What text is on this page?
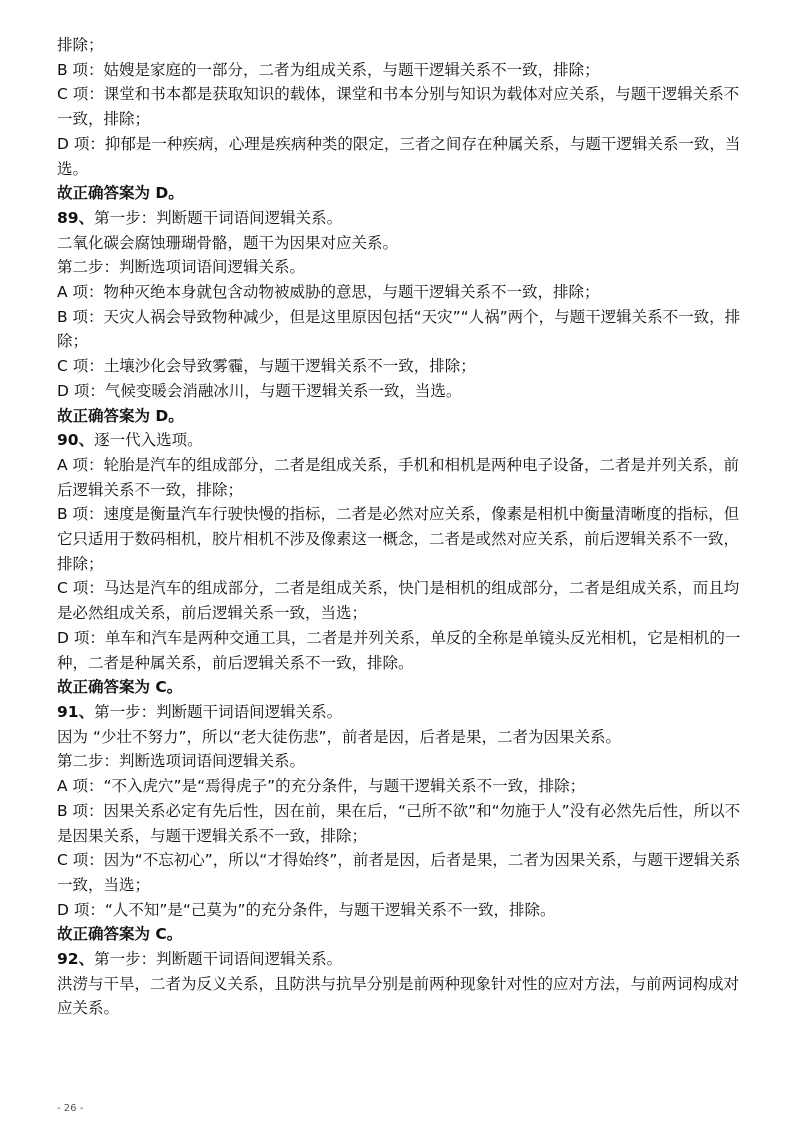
排除；

B 项：姑嫂是家庭的一部分，二者为组成关系，与题干逻辑关系不一致，排除；

C 项：课堂和书本都是获取知识的载体，课堂和书本分别与知识为载体对应关系，与题干逻辑关系不一致，排除；

D 项：抑郁是一种疾病，心理是疾病种类的限定，三者之间存在种属关系，与题干逻辑关系一致，当选。

故正确答案为 D。

89、第一步：判断题干词语间逻辑关系。

二氧化碳会腐蚀珊瑚骨骼，题干为因果对应关系。

第二步：判断选项词语间逻辑关系。

A 项：物种灭绝本身就包含动物被威胁的意思，与题干逻辑关系不一致，排除；

B 项：天灾人祸会导致物种减少，但是这里原因包括“天灾”“人祸”两个，与题干逻辑关系不一致，排除；

C 项：土壤沙化会导致雾霾，与题干逻辑关系不一致，排除；

D 项：气候变暖会消融冰川，与题干逻辑关系一致，当选。

故正确答案为 D。

90、逐一代入选项。

A 项：轮胎是汽车的组成部分，二者是组成关系，手机和相机是两种电子设备，二者是并列关系，前后逻辑关系不一致，排除；

B 项：速度是衡量汽车行驶快慢的指标，二者是必然对应关系，像素是相机中衡量清晰度的指标，但它只适用于数码相机，胶片相机不涉及像素这一概念，二者是或然对应关系，前后逻辑关系不一致，排除；

C 项：马达是汽车的组成部分，二者是组成关系，快门是相机的组成部分，二者是组成关系，而且均是必然组成关系，前后逻辑关系一致，当选；

D 项：单车和汽车是两种交通工具，二者是并列关系，单反的全称是单镜头反光相机，它是相机的一种，二者是种属关系，前后逻辑关系不一致，排除。

故正确答案为 C。

91、第一步：判断题干词语间逻辑关系。

因为 “少壮不努力”，所以“老大徒伤悲”，前者是因，后者是果，二者为因果关系。

第二步：判断选项词语间逻辑关系。

A 项：“不入虎穴”是“焉得虎子”的充分条件，与题干逻辑关系不一致，排除；

B 项：因果关系必定有先后性，因在前，果在后，“己所不欲”和“勿施于人”没有必然先后性，所以不是因果关系，与题干逻辑关系不一致，排除；

C 项：因为“不忘初心”，所以“才得始终”，前者是因，后者是果，二者为因果关系，与题干逻辑关系一致，当选；

D 项：“人不知”是“己莫为”的充分条件，与题干逻辑关系不一致，排除。

故正确答案为 C。

92、第一步：判断题干词语间逻辑关系。

洪涝与干旱，二者为反义关系，且防洪与抗旱分别是前两种现象针对性的应对方法，与前两词构成对应关系。

- 26 -
